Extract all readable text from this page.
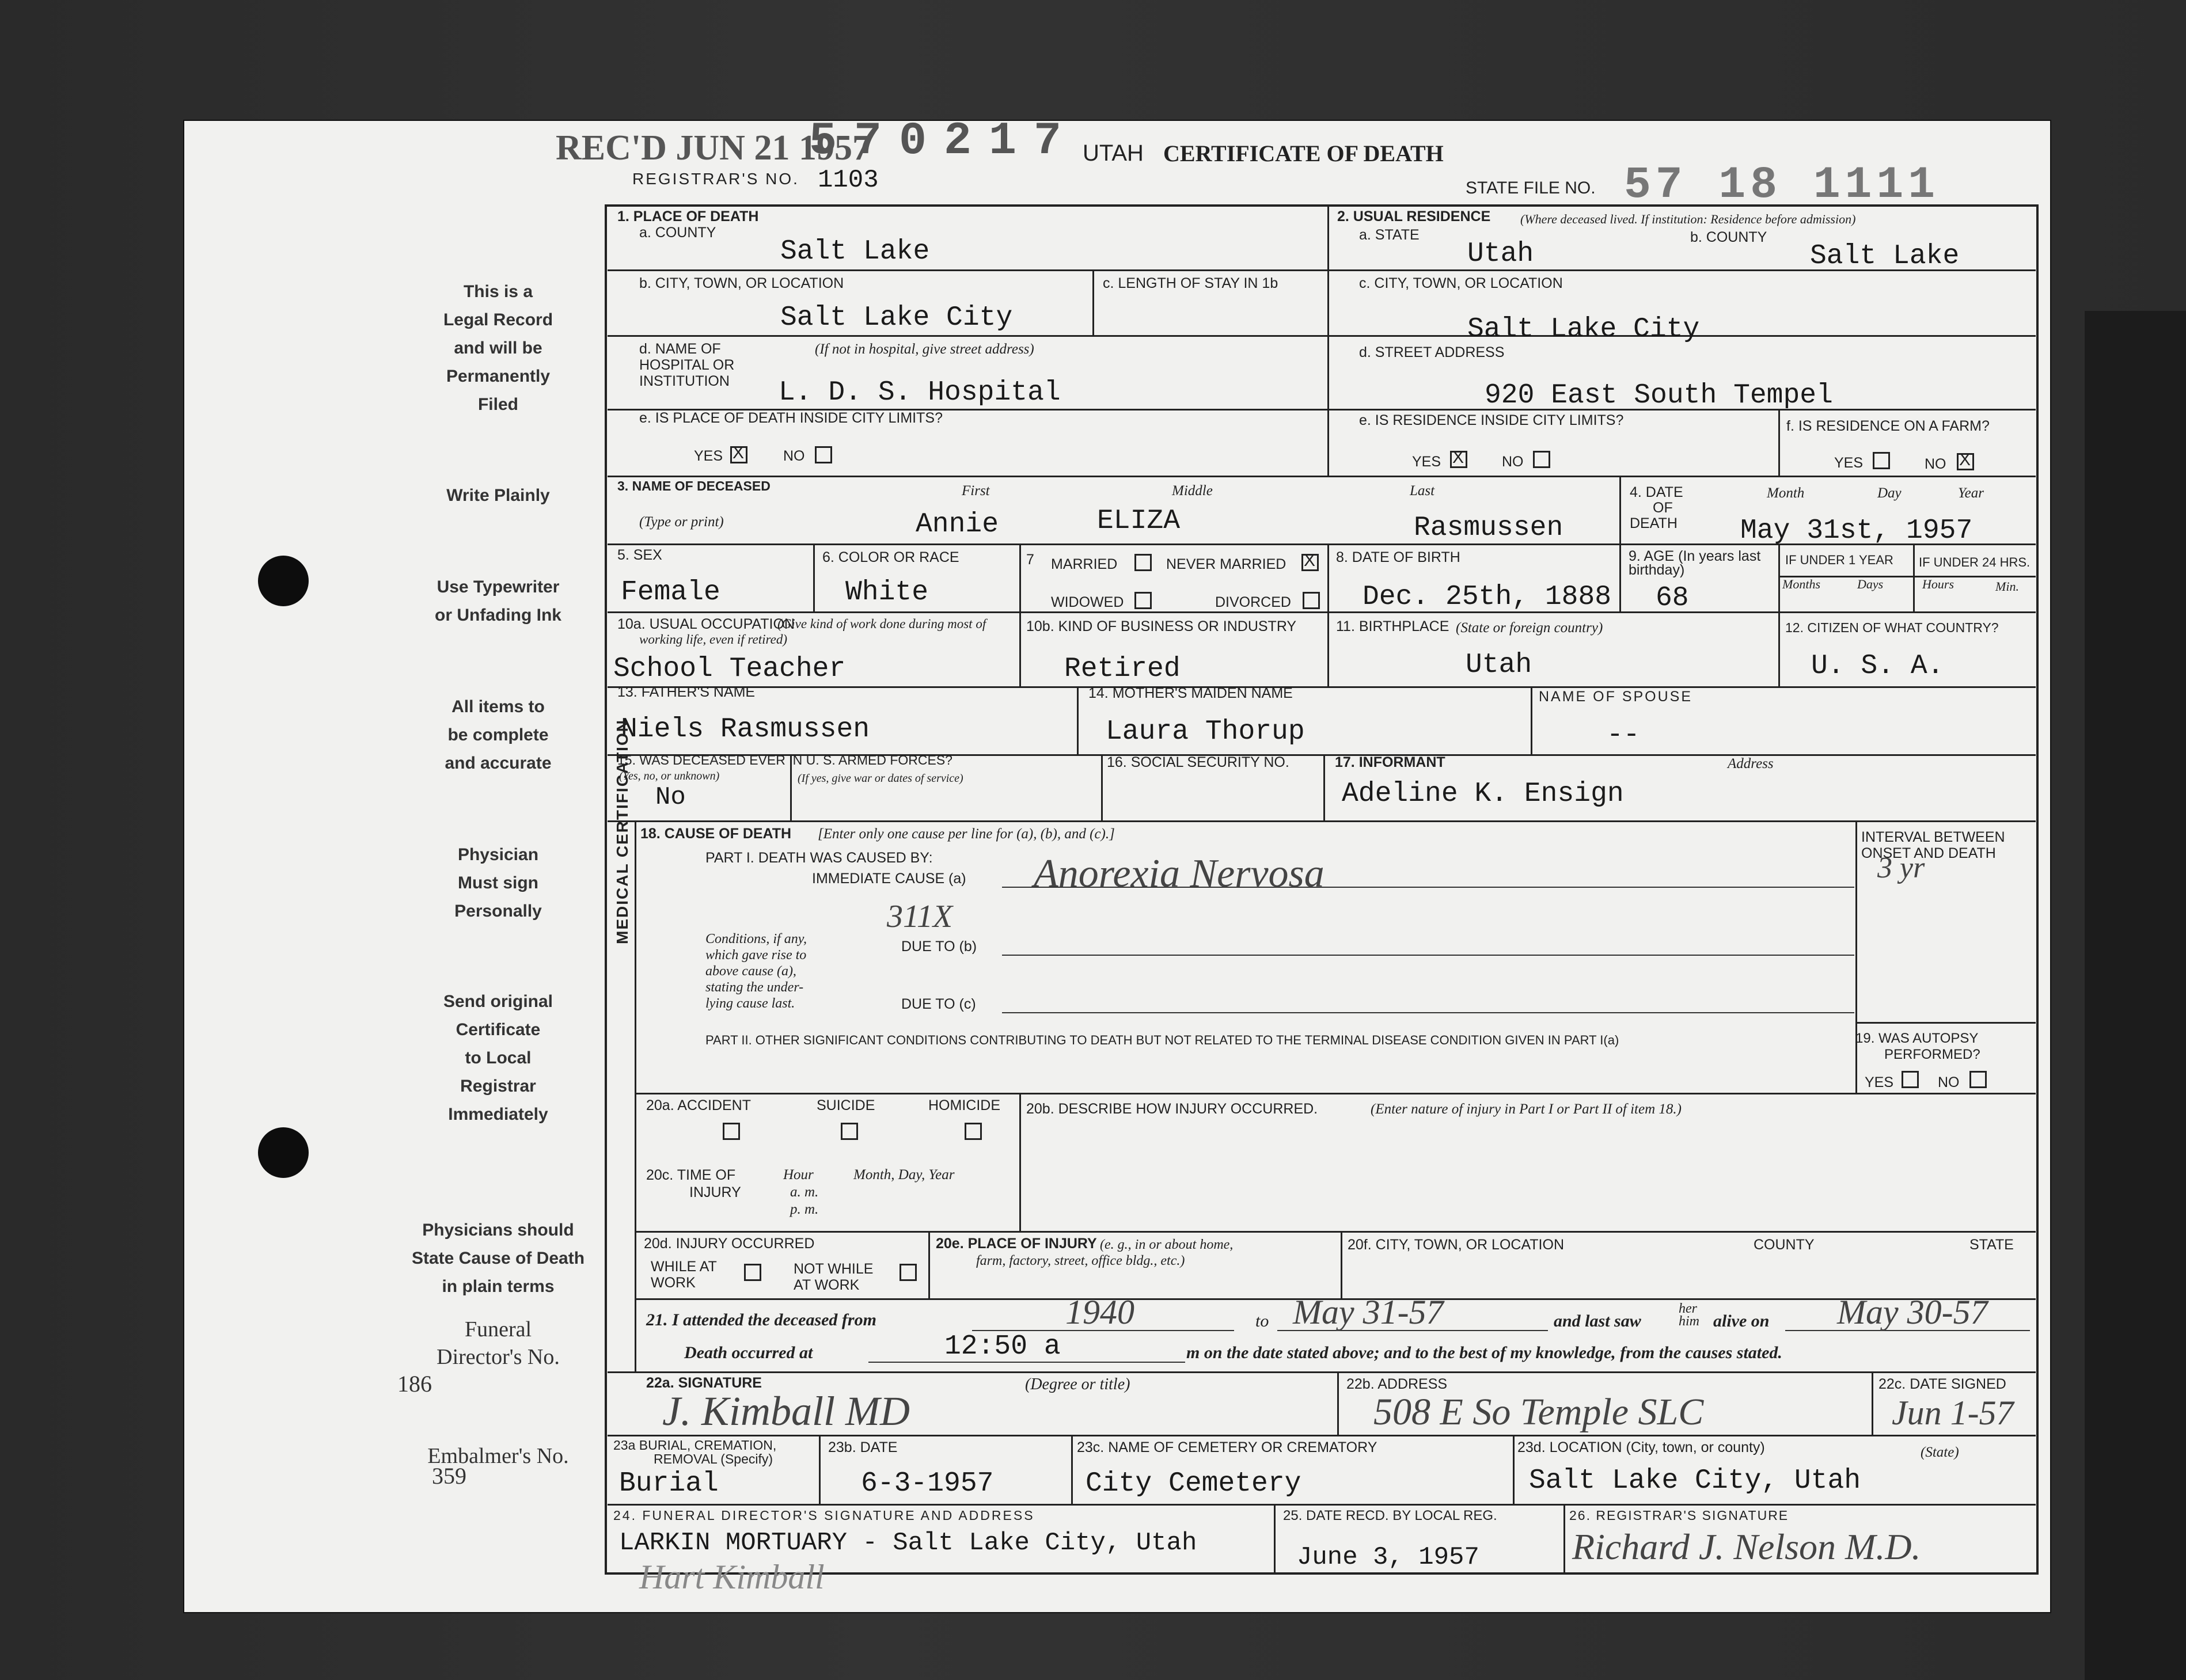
This is a
Legal Record
and will be
Permanently
Filed
Write Plainly
Use Typewriter
or Unfading Ink
All items to
be complete
and accurate
Physician
Must sign
Personally
Send original
Certificate
to Local
Registrar
Immediately
Physicians should
State Cause of Death
in plain terms
Funeral
Director's No.
186
Embalmer's No.
359
REC'D JUN 21 1957
570217
REGISTRAR'S NO. 1103
UTAH CERTIFICATE OF DEATH
STATE FILE NO. 57 18 1111
1. PLACE OF DEATH
a. COUNTY
Salt Lake
2. USUAL RESIDENCE (Where deceased lived. If institution: Residence before admission)
a. STATE	b. COUNTY
Utah	Salt Lake
b. CITY, TOWN, OR LOCATION
Salt Lake City
c. LENGTH OF STAY IN 1b	c. CITY, TOWN, OR LOCATION
Salt Lake City
d. NAME OF
HOSPITAL OR
INSTITUTION
(If not in hospital, give street address)
L. D. S. Hospital
d. STREET ADDRESS
920 East South Tempel
e. IS PLACE OF DEATH INSIDE CITY LIMITS?
YES X	NO
e. IS RESIDENCE INSIDE CITY LIMITS?
YES X	NO
f. IS RESIDENCE ON A FARM?
YES	NO X
3. NAME OF DECEASED
(Type or print)
First	Middle	Last
Annie	ELIZA	Rasmussen
4. DATE
OF
DEATH
Month	Day	Year
May 31st, 1957
5. SEX
Female
6. COLOR OR RACE
White
7 MARRIED	NEVER MARRIED X
WIDOWED	DIVORCED
8. DATE OF BIRTH
Dec. 25th, 1888
9. AGE (In years last birthday)
68
IF UNDER 1 YEAR IF UNDER 24 HRS.
Months	Days	Hours	Min.
10a. USUAL OCCUPATION
(Give kind of work done during most of working life, even if retired)
School Teacher
10b. KIND OF BUSINESS OR INDUSTRY
Retired
11. BIRTHPLACE (State or foreign country)
Utah
12. CITIZEN OF WHAT COUNTRY?
U. S. A.
13. FATHER'S NAME
Niels Rasmussen
14. MOTHER'S MAIDEN NAME
Laura Thorup
NAME OF SPOUSE
--
15. WAS DECEASED EVER IN U. S. ARMED FORCES?
(Yes, no, or unknown)	(If yes, give war or dates of service)
No
16. SOCIAL SECURITY NO.	17. INFORMANT	Address
Adeline K. Ensign
MEDICAL CERTIFICATION 18. CAUSE OF DEATH [Enter only one cause per line for (a), (b), and (c).]
PART I. DEATH WAS CAUSED BY:
IMMEDIATE CAUSE (a) Anorexia Nervosa
311X
Conditions, if any,
which gave rise to
above cause (a),
stating the under-
lying cause last.
DUE TO (b)
DUE TO (c)
INTERVAL BETWEEN
ONSET AND DEATH
3 yr
PART II. OTHER SIGNIFICANT CONDITIONS CONTRIBUTING TO DEATH BUT NOT RELATED TO THE TERMINAL DISEASE CONDITION GIVEN IN PART I(a)	19. WAS AUTOPSY
PERFORMED?
YES	NO
20a. ACCIDENT	SUICIDE	HOMICIDE 20b. DESCRIBE HOW INJURY OCCURRED.	(Enter nature of injury in Part I or Part II of item 18.)
20c. TIME OF
INJURY
Hour
a. m.
p. m.
Month, Day, Year
20d. INJURY OCCURRED
WHILE AT
WORK
NOT WHILE
AT WORK
20e. PLACE OF INJURY (e. g., in or about home,
farm, factory, street, office bldg., etc.)
20f. CITY, TOWN, OR LOCATION	COUNTY	STATE
21. I attended the deceased from	1940	to May 31-57	and last saw
her
him alive on May 30-57
Death occurred at	12:50 a	m on the date stated above; and to the best of my knowledge, from the causes stated.
22a. SIGNATURE	(Degree or title)
J. Kimball MD
22b. ADDRESS
508 E So Temple SLC
22c. DATE SIGNED
Jun 1-57
23a BURIAL, CREMATION,
REMOVAL (Specify)
Burial
23b. DATE
6-3-1957
23c. NAME OF CEMETERY OR CREMATORY
City Cemetery
23d. LOCATION (City, town, or county)	(State)
Salt Lake City, Utah
24. FUNERAL DIRECTOR'S SIGNATURE AND ADDRESS
LARKIN MORTUARY - Salt Lake City, Utah
Hart Kimball
25. DATE RECD. BY LOCAL REG.
June 3, 1957
26. REGISTRAR'S SIGNATURE
Richard J. Nelson M.D.
